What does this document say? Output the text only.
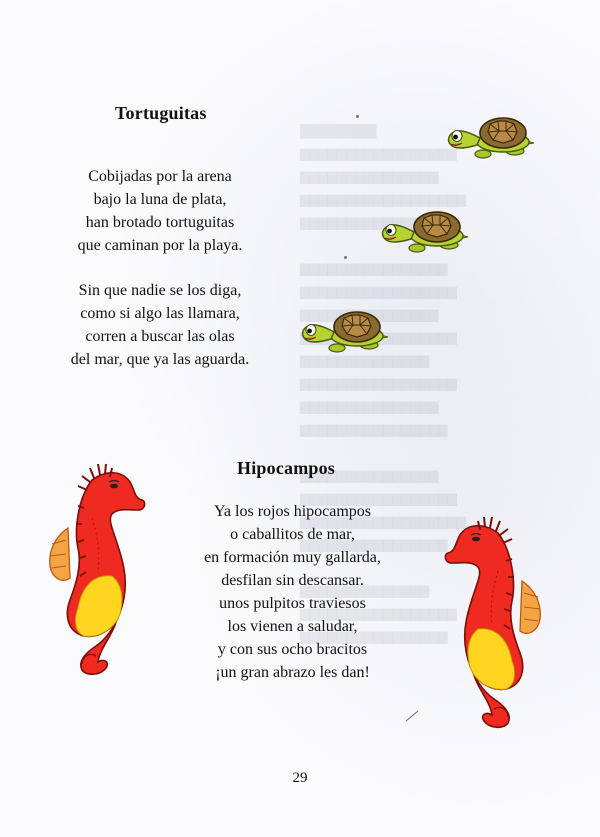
█████████
▇▇▇▇▇▇▇▇▇▇▇▇▇▇▇▇▇
▇▇▇▇▇▇▇▇▇▇▇▇▇▇▇
▇▇▇▇▇▇▇▇▇▇▇▇▇▇▇▇▇▇
▇▇▇▇▇▇▇▇▇▇▇▇▇

▇▇▇▇▇▇▇▇▇▇▇▇▇▇▇▇
▇▇▇▇▇▇▇▇▇▇▇▇▇▇▇▇▇

▇▇▇▇▇▇▇▇▇▇▇▇▇▇
▇▇▇▇▇▇▇▇▇▇▇▇▇▇▇▇▇
▇▇▇▇▇▇▇▇▇▇▇▇▇▇▇
▇▇▇▇▇▇▇▇▇▇▇▇▇▇▇▇
▇▇▇▇▇▇▇▇▇▇▇▇▇▇▇
▇▇▇▇▇▇▇▇▇▇▇▇▇▇▇▇▇
▇▇▇▇▇▇▇▇▇▇▇▇▇▇▇▇▇▇
▇▇▇▇▇▇▇▇▇▇▇▇▇▇▇▇

▇▇▇▇▇▇▇▇▇▇▇▇▇▇
▇▇▇▇▇▇▇▇▇▇▇▇▇▇▇▇▇
▇▇▇▇▇▇▇▇▇▇▇▇▇▇▇▇
Tortuguitas
Cobijadas por la arena
bajo la luna de plata,
han brotado tortuguitas
que caminan por la playa.
Sin que nadie se los diga,
como si algo las llamara,
corren a buscar las olas
del mar, que ya las aguarda.
Hipocampos
Ya los rojos hipocampos
o caballitos de mar,
en formación muy gallarda,
desfilan sin descansar.
unos pulpitos traviesos
los vienen a saludar,
y con sus ocho bracitos
¡un gran abrazo les dan!
29
